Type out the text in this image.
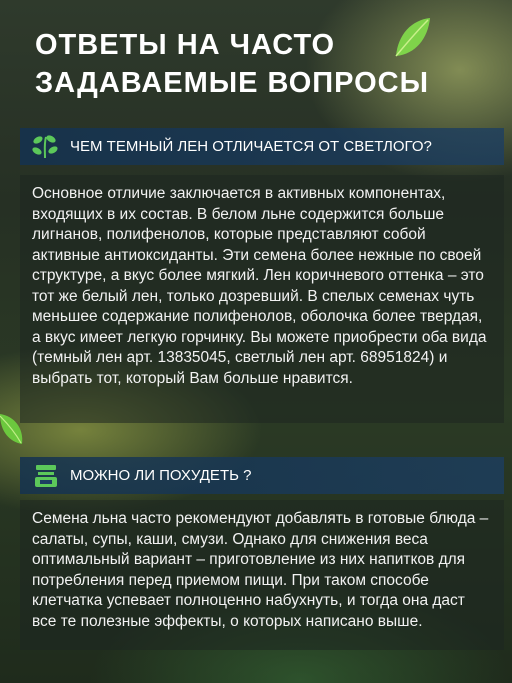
ОТВЕТЫ НА ЧАСТО
ЗАДАВАЕМЫЕ ВОПРОСЫ
ЧЕМ ТЕМНЫЙ ЛЕН ОТЛИЧАЕТСЯ ОТ СВЕТЛОГО?
Основное отличие заключается в активных компонентах, входящих в их состав. В белом льне содержится больше лигнанов, полифенолов, которые представляют собой активные антиоксиданты. Эти семена более нежные по своей структуре, а вкус более мягкий. Лен коричневого оттенка – это тот же белый лен, только дозревший. В спелых семенах чуть меньшее содержание полифенолов, оболочка более твердая, а вкус имеет легкую горчинку. Вы можете приобрести оба вида (темный лен арт. 13835045, светлый лен арт. 68951824) и выбрать тот, который Вам больше нравится.
МОЖНО ЛИ ПОХУДЕТЬ ?
Семена льна часто рекомендуют добавлять в готовые блюда – салаты, супы, каши, смузи. Однако для снижения веса оптимальный вариант – приготовление из них напитков для потребления перед приемом пищи. При таком способе клетчатка успевает полноценно набухнуть, и тогда она даст все те полезные эффекты, о которых написано выше.
